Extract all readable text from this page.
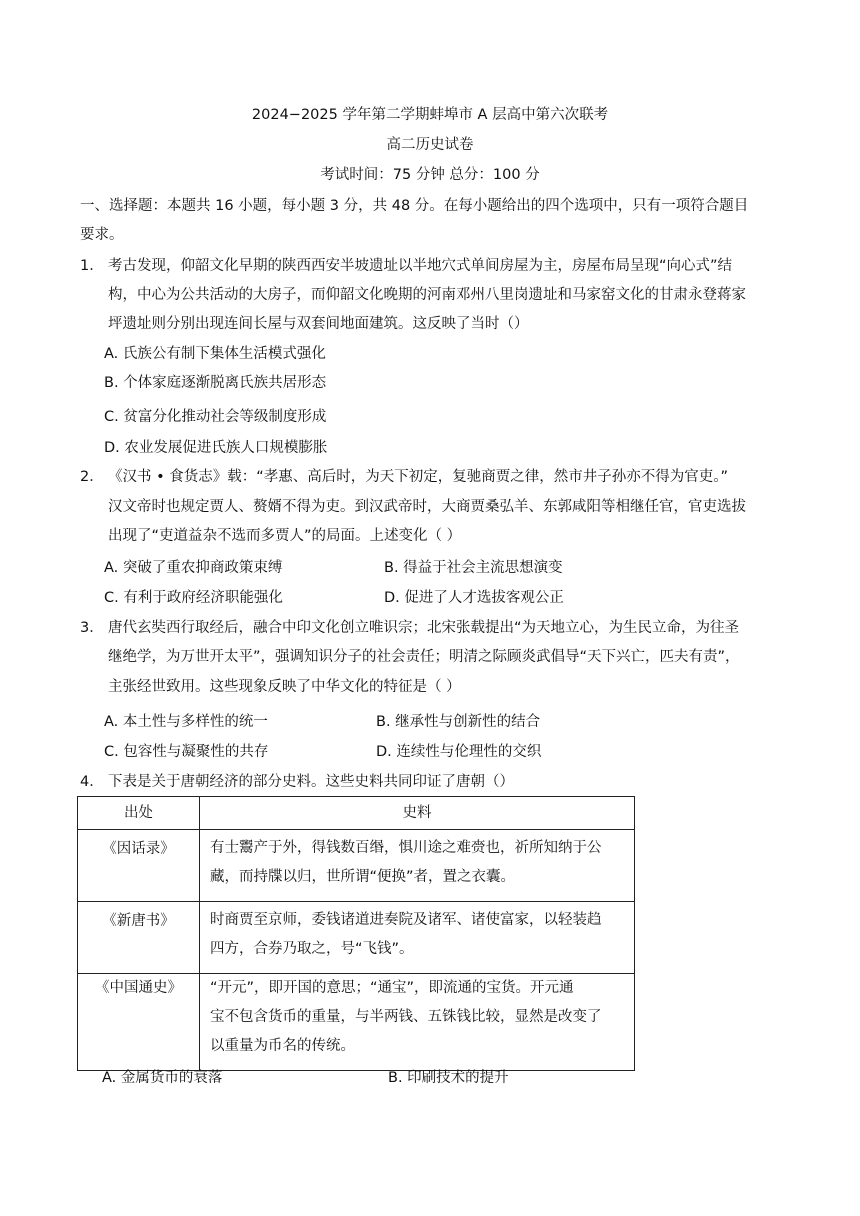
2024−2025 学年第二学期蚌埠市 A 层高中第六次联考
高二历史试卷
考试时间：75 分钟 总分：100 分
一、选择题：本题共 16 小题，每小题 3 分，共 48 分。在每小题给出的四个选项中，只有一项符合题目
要求。
1． 考古发现，仰韶文化早期的陕西西安半坡遗址以半地穴式单间房屋为主，房屋布局呈现“向心式”结
构，中心为公共活动的大房子，而仰韶文化晚期的河南邓州八里岗遗址和马家窑文化的甘肃永登蒋家
坪遗址则分别出现连间长屋与双套间地面建筑。这反映了当时（）
A. 氏族公有制下集体生活模式强化
B. 个体家庭逐渐脱离氏族共居形态
C. 贫富分化推动社会等级制度形成
D. 农业发展促进氏族人口规模膨胀
2． 《汉书 • 食货志》载：“孝惠、高后时，为天下初定，复驰商贾之律，然市井子孙亦不得为官吏。”
汉文帝时也规定贾人、赘婿不得为吏。到汉武帝时，大商贾桑弘羊、东郭咸阳等相继任官，官吏选拔
出现了“吏道益杂不选而多贾人”的局面。上述变化（ ）
A. 突破了重农抑商政策束缚	B. 得益于社会主流思想演变
C. 有利于政府经济职能强化	D. 促进了人才选拔客观公正
3． 唐代玄奘西行取经后，融合中印文化创立唯识宗；北宋张载提出“为天地立心，为生民立命，为往圣
继绝学，为万世开太平”，强调知识分子的社会责任；明清之际顾炎武倡导“天下兴亡，匹夫有责”，
主张经世致用。这些现象反映了中华文化的特征是（ ）
A. 本土性与多样性的统一	B. 继承性与创新性的结合
C. 包容性与凝聚性的共存	D. 连续性与伦理性的交织
4． 下表是关于唐朝经济的部分史料。这些史料共同印证了唐朝（）
出处	史料
《因话录》	有士鬻产于外，得钱数百缗，惧川途之难赍也，祈所知纳于公
藏，而持牒以归，世所谓“便换”者，置之衣囊。

《新唐书》	时商贾至京师，委钱诸道进奏院及诸军、诸使富家，以轻装趋
四方，合券乃取之，号“飞钱”。

《中国通史》	“开元”，即开国的意思；“通宝”，即流通的宝货。开元通
宝不包含货币的重量，与半两钱、五铢钱比较，显然是改变了
以重量为币名的传统。
A. 金属货币的衰落	B. 印刷技术的提升
